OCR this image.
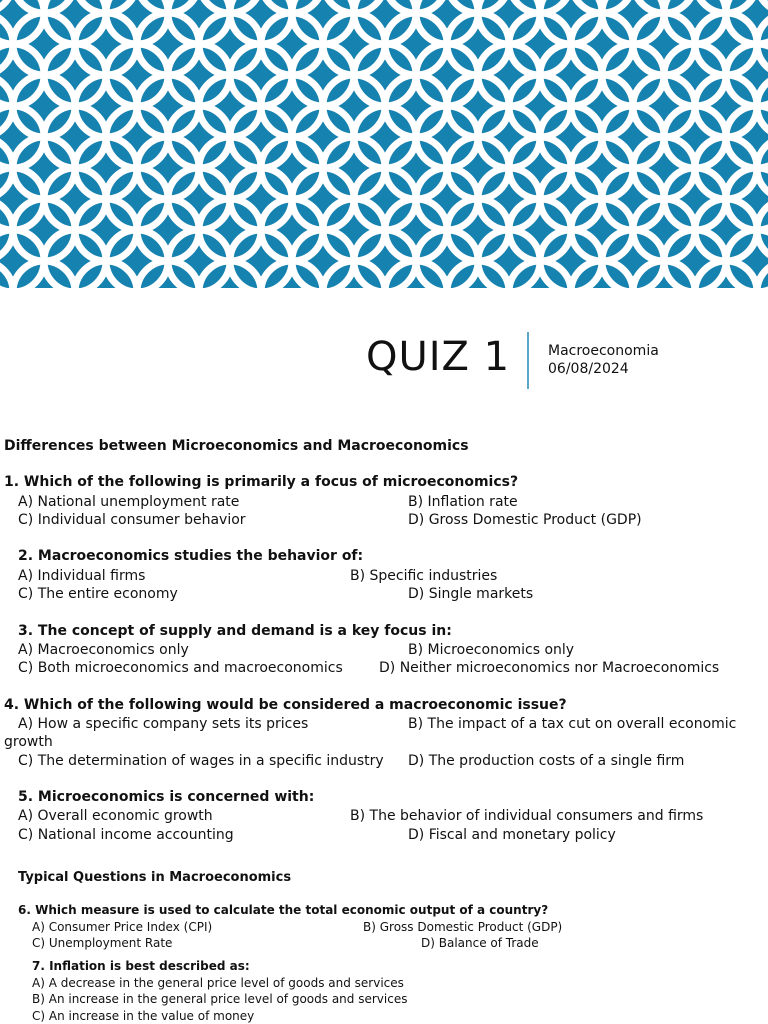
QUIZ 1	Macroeconomia
06/08/2024
Differences between Microeconomics and Macroeconomics
1. Which of the following is primarily a focus of microeconomics?
A) National unemployment rate	B) Inflation rate
C) Individual consumer behavior	D) Gross Domestic Product (GDP)
2. Macroeconomics studies the behavior of:
A) Individual firms	B) Specific industries
C) The entire economy	D) Single markets
3. The concept of supply and demand is a key focus in:
A) Macroeconomics only	B) Microeconomics only
C) Both microeconomics and macroeconomics	D) Neither microeconomics nor Macroeconomics
4. Which of the following would be considered a macroeconomic issue?
A) How a specific company sets its prices	B) The impact of a tax cut on overall economic
growth
C) The determination of wages in a specific industry D) The production costs of a single firm
5. Microeconomics is concerned with:
A) Overall economic growth	B) The behavior of individual consumers and firms
C) National income accounting	D) Fiscal and monetary policy
Typical Questions in Macroeconomics
6. Which measure is used to calculate the total economic output of a country?
A) Consumer Price Index (CPI)	B) Gross Domestic Product (GDP)
C) Unemployment Rate	D) Balance of Trade
7. Inflation is best described as:
A) A decrease in the general price level of goods and services
B) An increase in the general price level of goods and services
C) An increase in the value of money
